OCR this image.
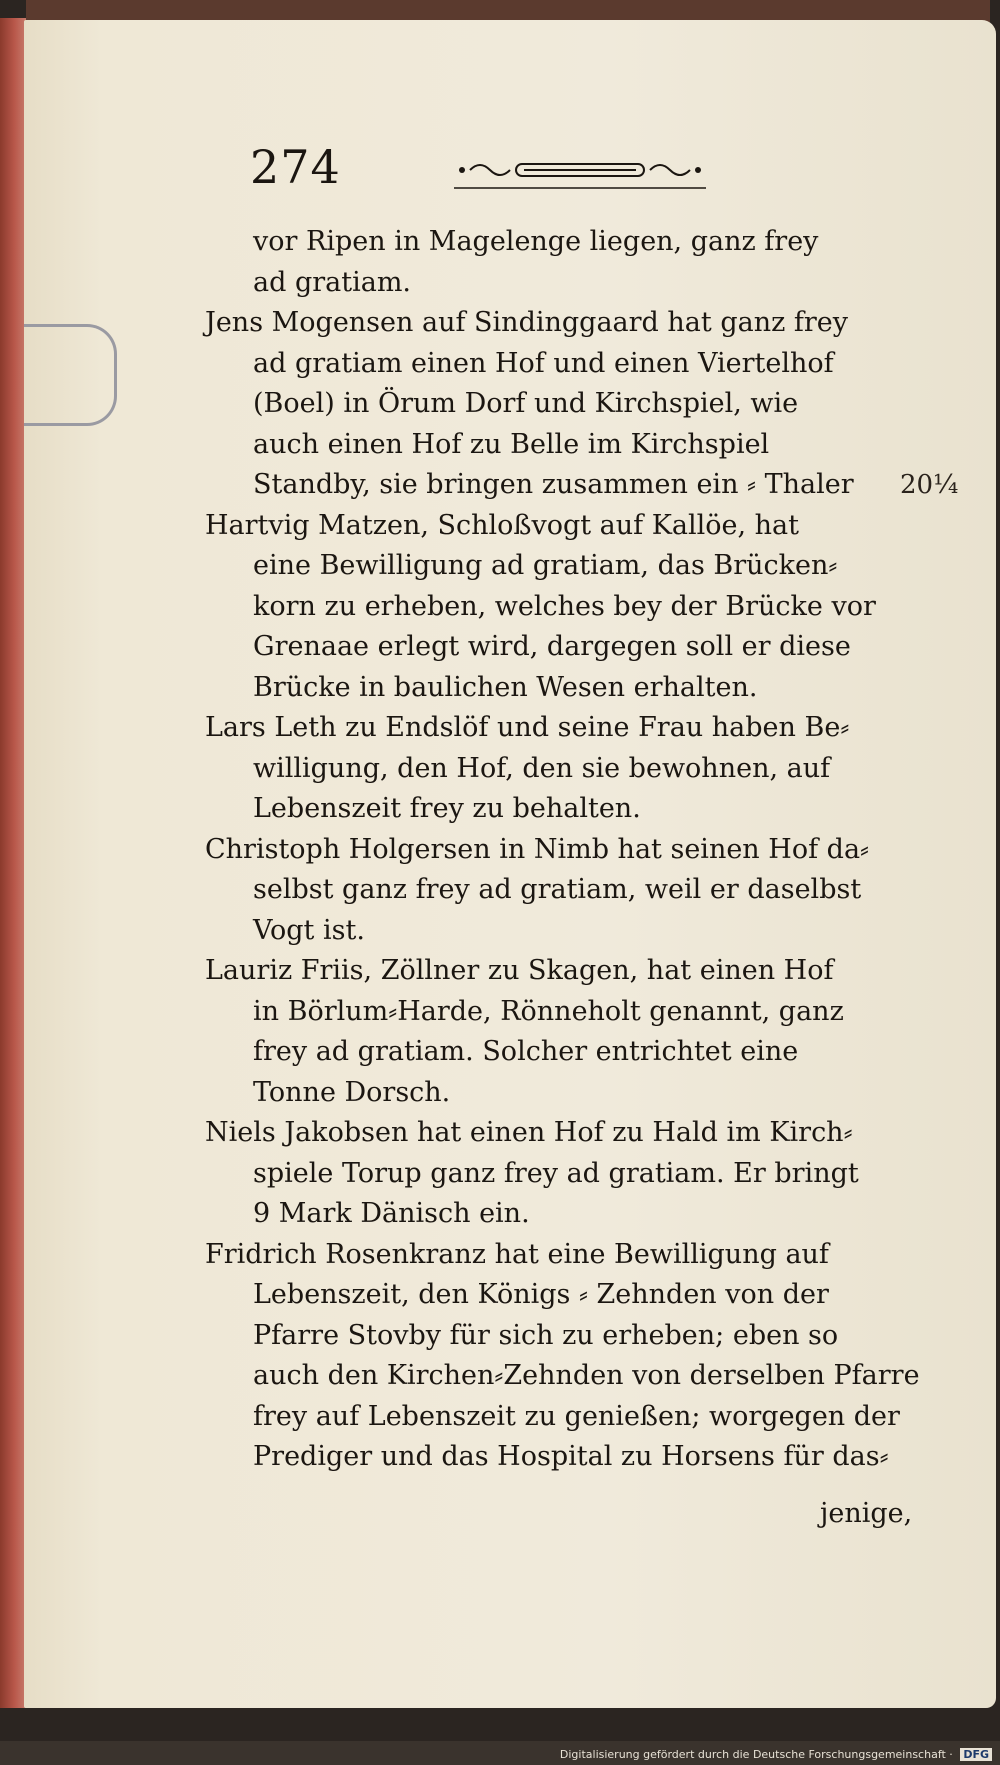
274
vor Ripen in Magelenge liegen, ganz frey ad gratiam.
Jens Mogensen auf Sindinggaard hat ganz frey
ad gratiam einen Hof und einen Viertelhof
(Boel) in Örum Dorf und Kirchspiel, wie
auch einen Hof zu Belle im Kirchspiel
Standby, sie bringen zusammen ein ⸗ Thaler
Hartvig Matzen, Schloßvogt auf Kallöe, hat
eine Bewilligung ad gratiam, das Brücken⸗
korn zu erheben, welches bey der Brücke vor
Grenaae erlegt wird, dargegen soll er diese
Brücke in baulichen Wesen erhalten.
Lars Leth zu Endslöf und seine Frau haben Be⸗
willigung, den Hof, den sie bewohnen, auf
Lebenszeit frey zu behalten.
Christoph Holgersen in Nimb hat seinen Hof da⸗
selbst ganz frey ad gratiam, weil er daselbst
Vogt ist.
Lauriz Friis, Zöllner zu Skagen, hat einen Hof
in Börlum⸗Harde, Rönneholt genannt, ganz
frey ad gratiam. Solcher entrichtet eine
Tonne Dorsch.
Niels Jakobsen hat einen Hof zu Hald im Kirch⸗
spiele Torup ganz frey ad gratiam. Er bringt
9 Mark Dänisch ein.
Fridrich Rosenkranz hat eine Bewilligung auf
Lebenszeit, den Königs ⸗ Zehnden von der
Pfarre Stovby für sich zu erheben; eben so
auch den Kirchen⸗Zehnden von derselben Pfarre
frey auf Lebenszeit zu genießen; worgegen der
Prediger und das Hospital zu Horsens für das⸗
20¼
jenige,
Digitalisierung gefördert durch die Deutsche Forschungsgemeinschaft · DFG
